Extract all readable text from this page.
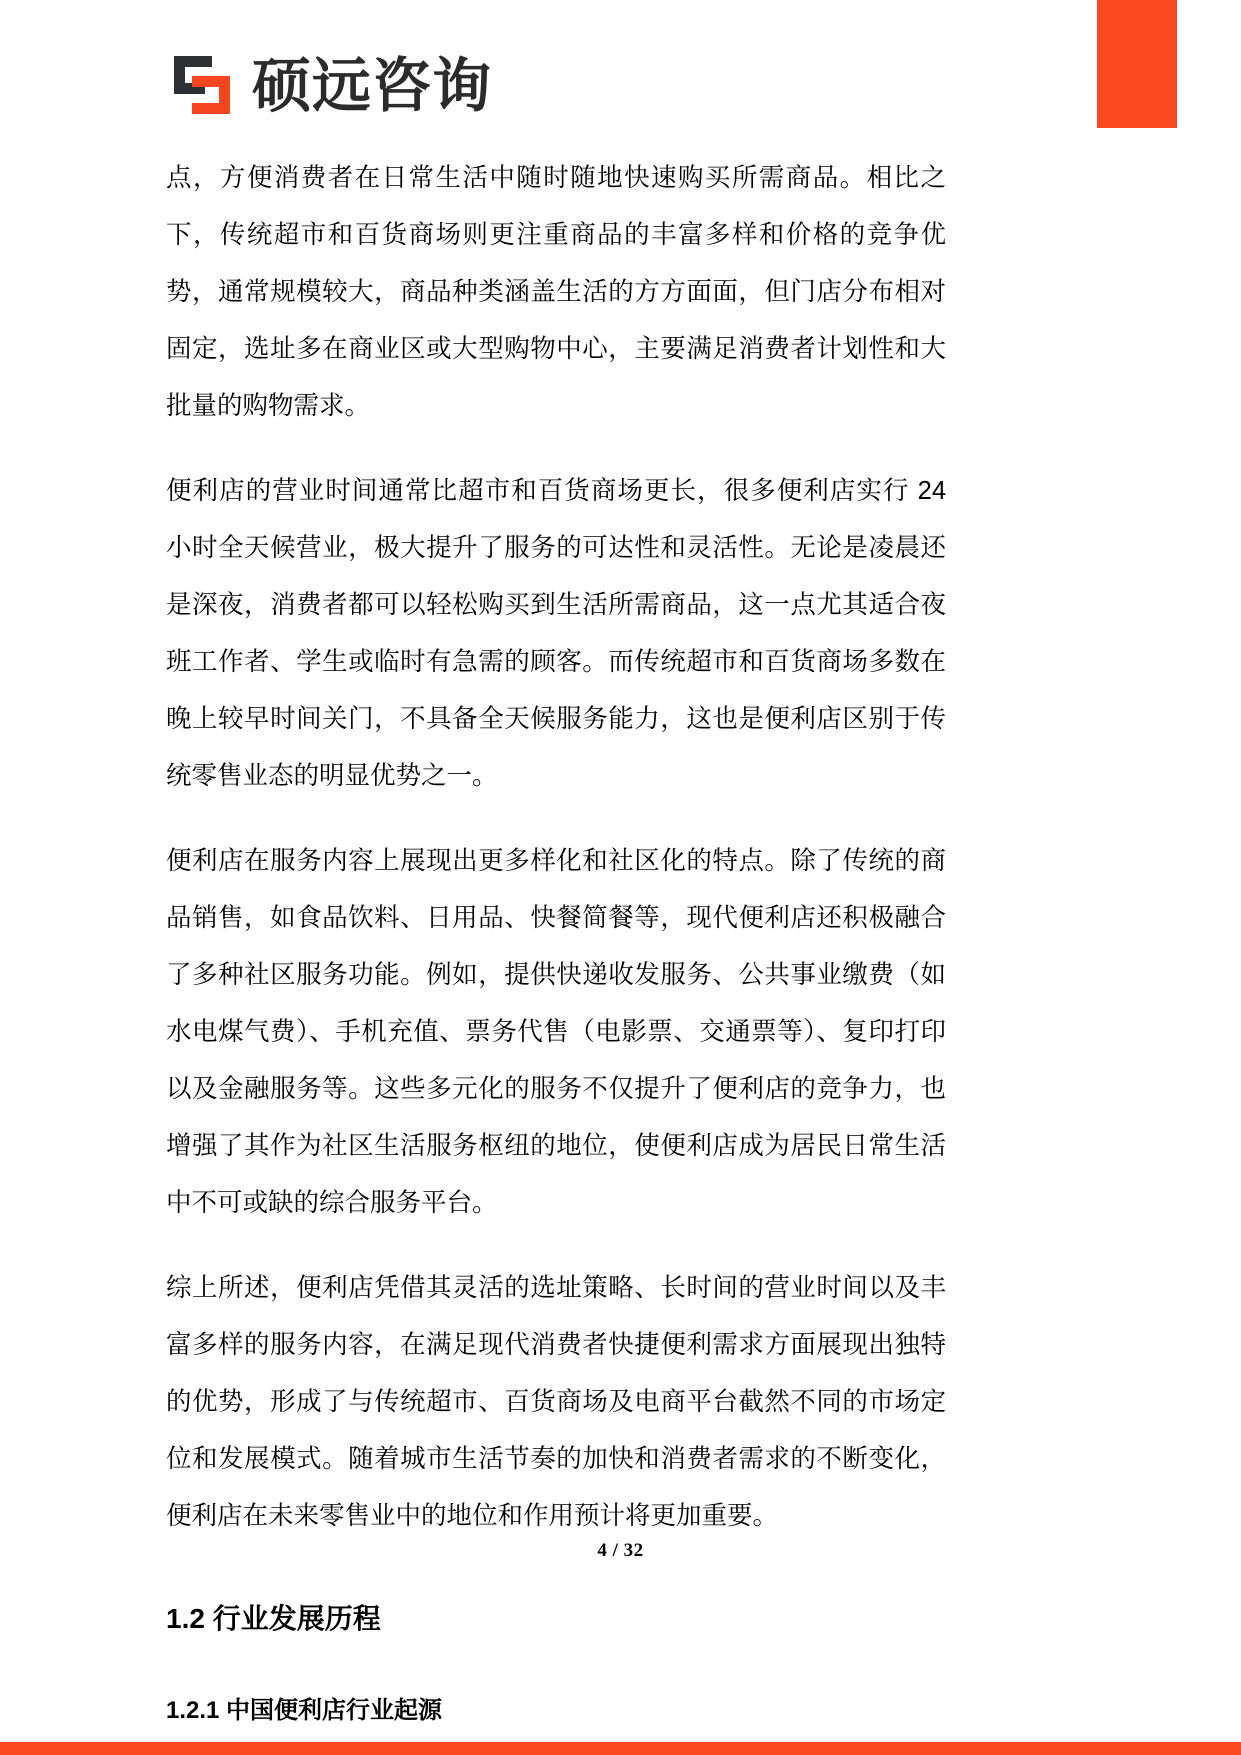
硕远咨询

点，方便消费者在日常生活中随时随地快速购买所需商品。相比之下，传统超市和百货商场则更注重商品的丰富多样和价格的竞争优势，通常规模较大，商品种类涵盖生活的方方面面，但门店分布相对固定，选址多在商业区或大型购物中心，主要满足消费者计划性和大批量的购物需求。

便利店的营业时间通常比超市和百货商场更长，很多便利店实行 24 小时全天候营业，极大提升了服务的可达性和灵活性。无论是凌晨还是深夜，消费者都可以轻松购买到生活所需商品，这一点尤其适合夜班工作者、学生或临时有急需的顾客。而传统超市和百货商场多数在晚上较早时间关门，不具备全天候服务能力，这也是便利店区别于传统零售业态的明显优势之一。

便利店在服务内容上展现出更多样化和社区化的特点。除了传统的商品销售，如食品饮料、日用品、快餐简餐等，现代便利店还积极融合了多种社区服务功能。例如，提供快递收发服务、公共事业缴费（如水电煤气费）、手机充值、票务代售（电影票、交通票等）、复印打印以及金融服务等。这些多元化的服务不仅提升了便利店的竞争力，也增强了其作为社区生活服务枢纽的地位，使便利店成为居民日常生活中不可或缺的综合服务平台。

综上所述，便利店凭借其灵活的选址策略、长时间的营业时间以及丰富多样的服务内容，在满足现代消费者快捷便利需求方面展现出独特的优势，形成了与传统超市、百货商场及电商平台截然不同的市场定位和发展模式。随着城市生活节奏的加快和消费者需求的不断变化，便利店在未来零售业中的地位和作用预计将更加重要。

1.2 行业发展历程
1.2.1 中国便利店行业起源
4 / 32
